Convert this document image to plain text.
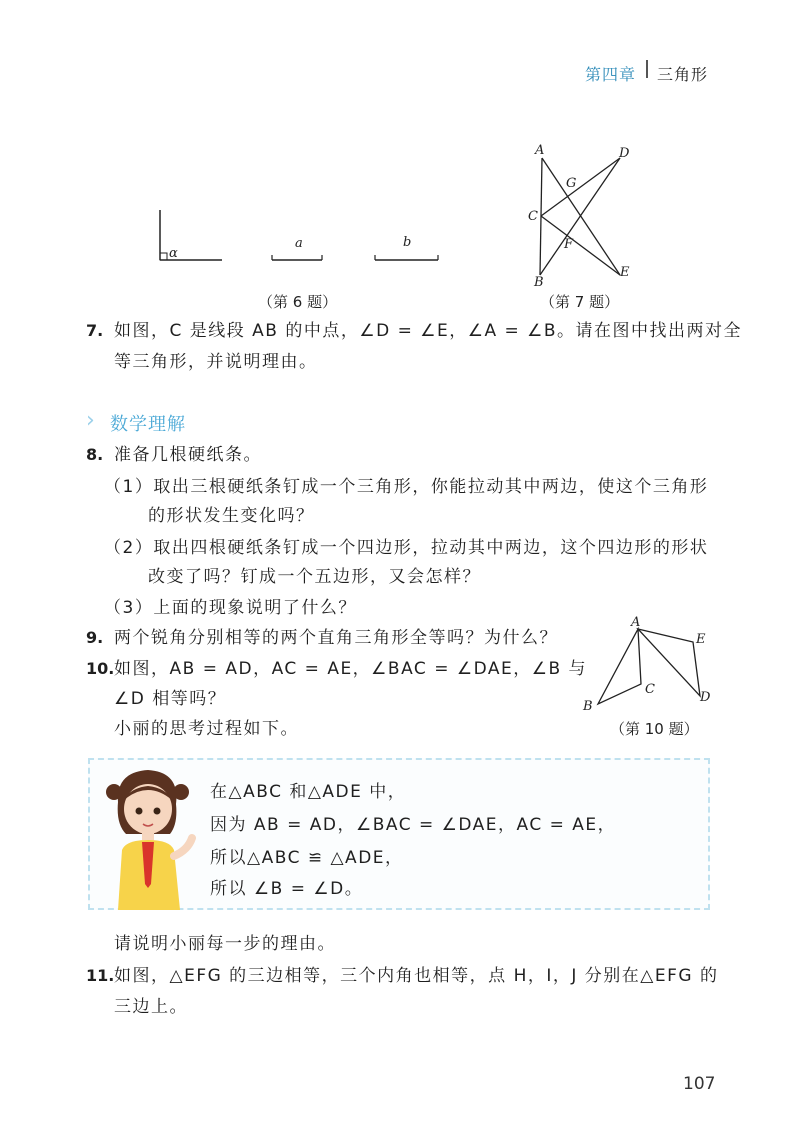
第四章 三角形
α
a	b
（第 6 题）
A	D
G
C
F
B
E
（第 7 题）
7. 如图，C 是线段 AB 的中点，∠D = ∠E，∠A = ∠B。请在图中找出两对全
等三角形，并说明理由。
› 数学理解
8. 准备几根硬纸条。
（1）取出三根硬纸条钉成一个三角形，你能拉动其中两边，使这个三角形
的形状发生变化吗？
（2）取出四根硬纸条钉成一个四边形，拉动其中两边，这个四边形的形状
改变了吗？钉成一个五边形，又会怎样？
（3）上面的现象说明了什么？
9. 两个锐角分别相等的两个直角三角形全等吗？为什么？
10. 如图，AB = AD，AC = AE，∠BAC = ∠DAE，∠B 与
∠D 相等吗？
小丽的思考过程如下。
A
E
C
B
D
（第 10 题）
在△ABC 和△ADE 中，
因为 AB = AD，∠BAC = ∠DAE，AC = AE，
所以△ABC ≌ △ADE，
所以 ∠B = ∠D。
请说明小丽每一步的理由。
11. 如图，△EFG 的三边相等，三个内角也相等，点 H，I，J 分别在△EFG 的
三边上。
107
